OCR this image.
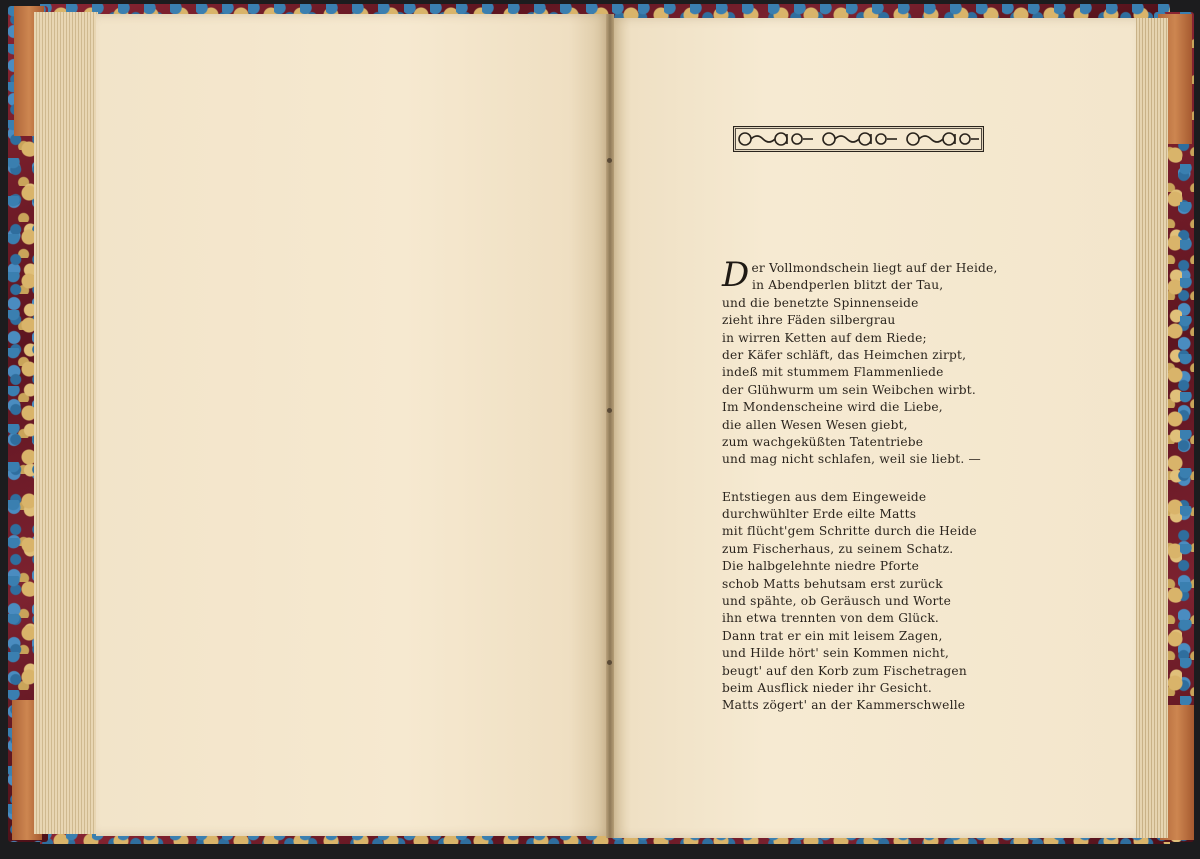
D er Vollmondschein liegt auf der Heide,
in Abendperlen blitzt der Tau,
und die benetzte Spinnenseide
zieht ihre Fäden silbergrau
in wirren Ketten auf dem Riede;
der Käfer schläft, das Heimchen zirpt,
indeß mit stummem Flammenliede
der Glühwurm um sein Weibchen wirbt.
Im Mondenscheine wird die Liebe,
die allen Wesen Wesen giebt,
zum wachgeküßten Tatentriebe
und mag nicht schlafen, weil sie liebt. —
Entstiegen aus dem Eingeweide
durchwühlter Erde eilte Matts
mit flücht'gem Schritte durch die Heide
zum Fischerhaus, zu seinem Schatz.
Die halbgelehnte niedre Pforte
schob Matts behutsam erst zurück
und spähte, ob Geräusch und Worte
ihn etwa trennten von dem Glück.
Dann trat er ein mit leisem Zagen,
und Hilde hört' sein Kommen nicht,
beugt' auf den Korb zum Fischetragen
beim Ausflick nieder ihr Gesicht.
Matts zögert' an der Kammerschwelle
